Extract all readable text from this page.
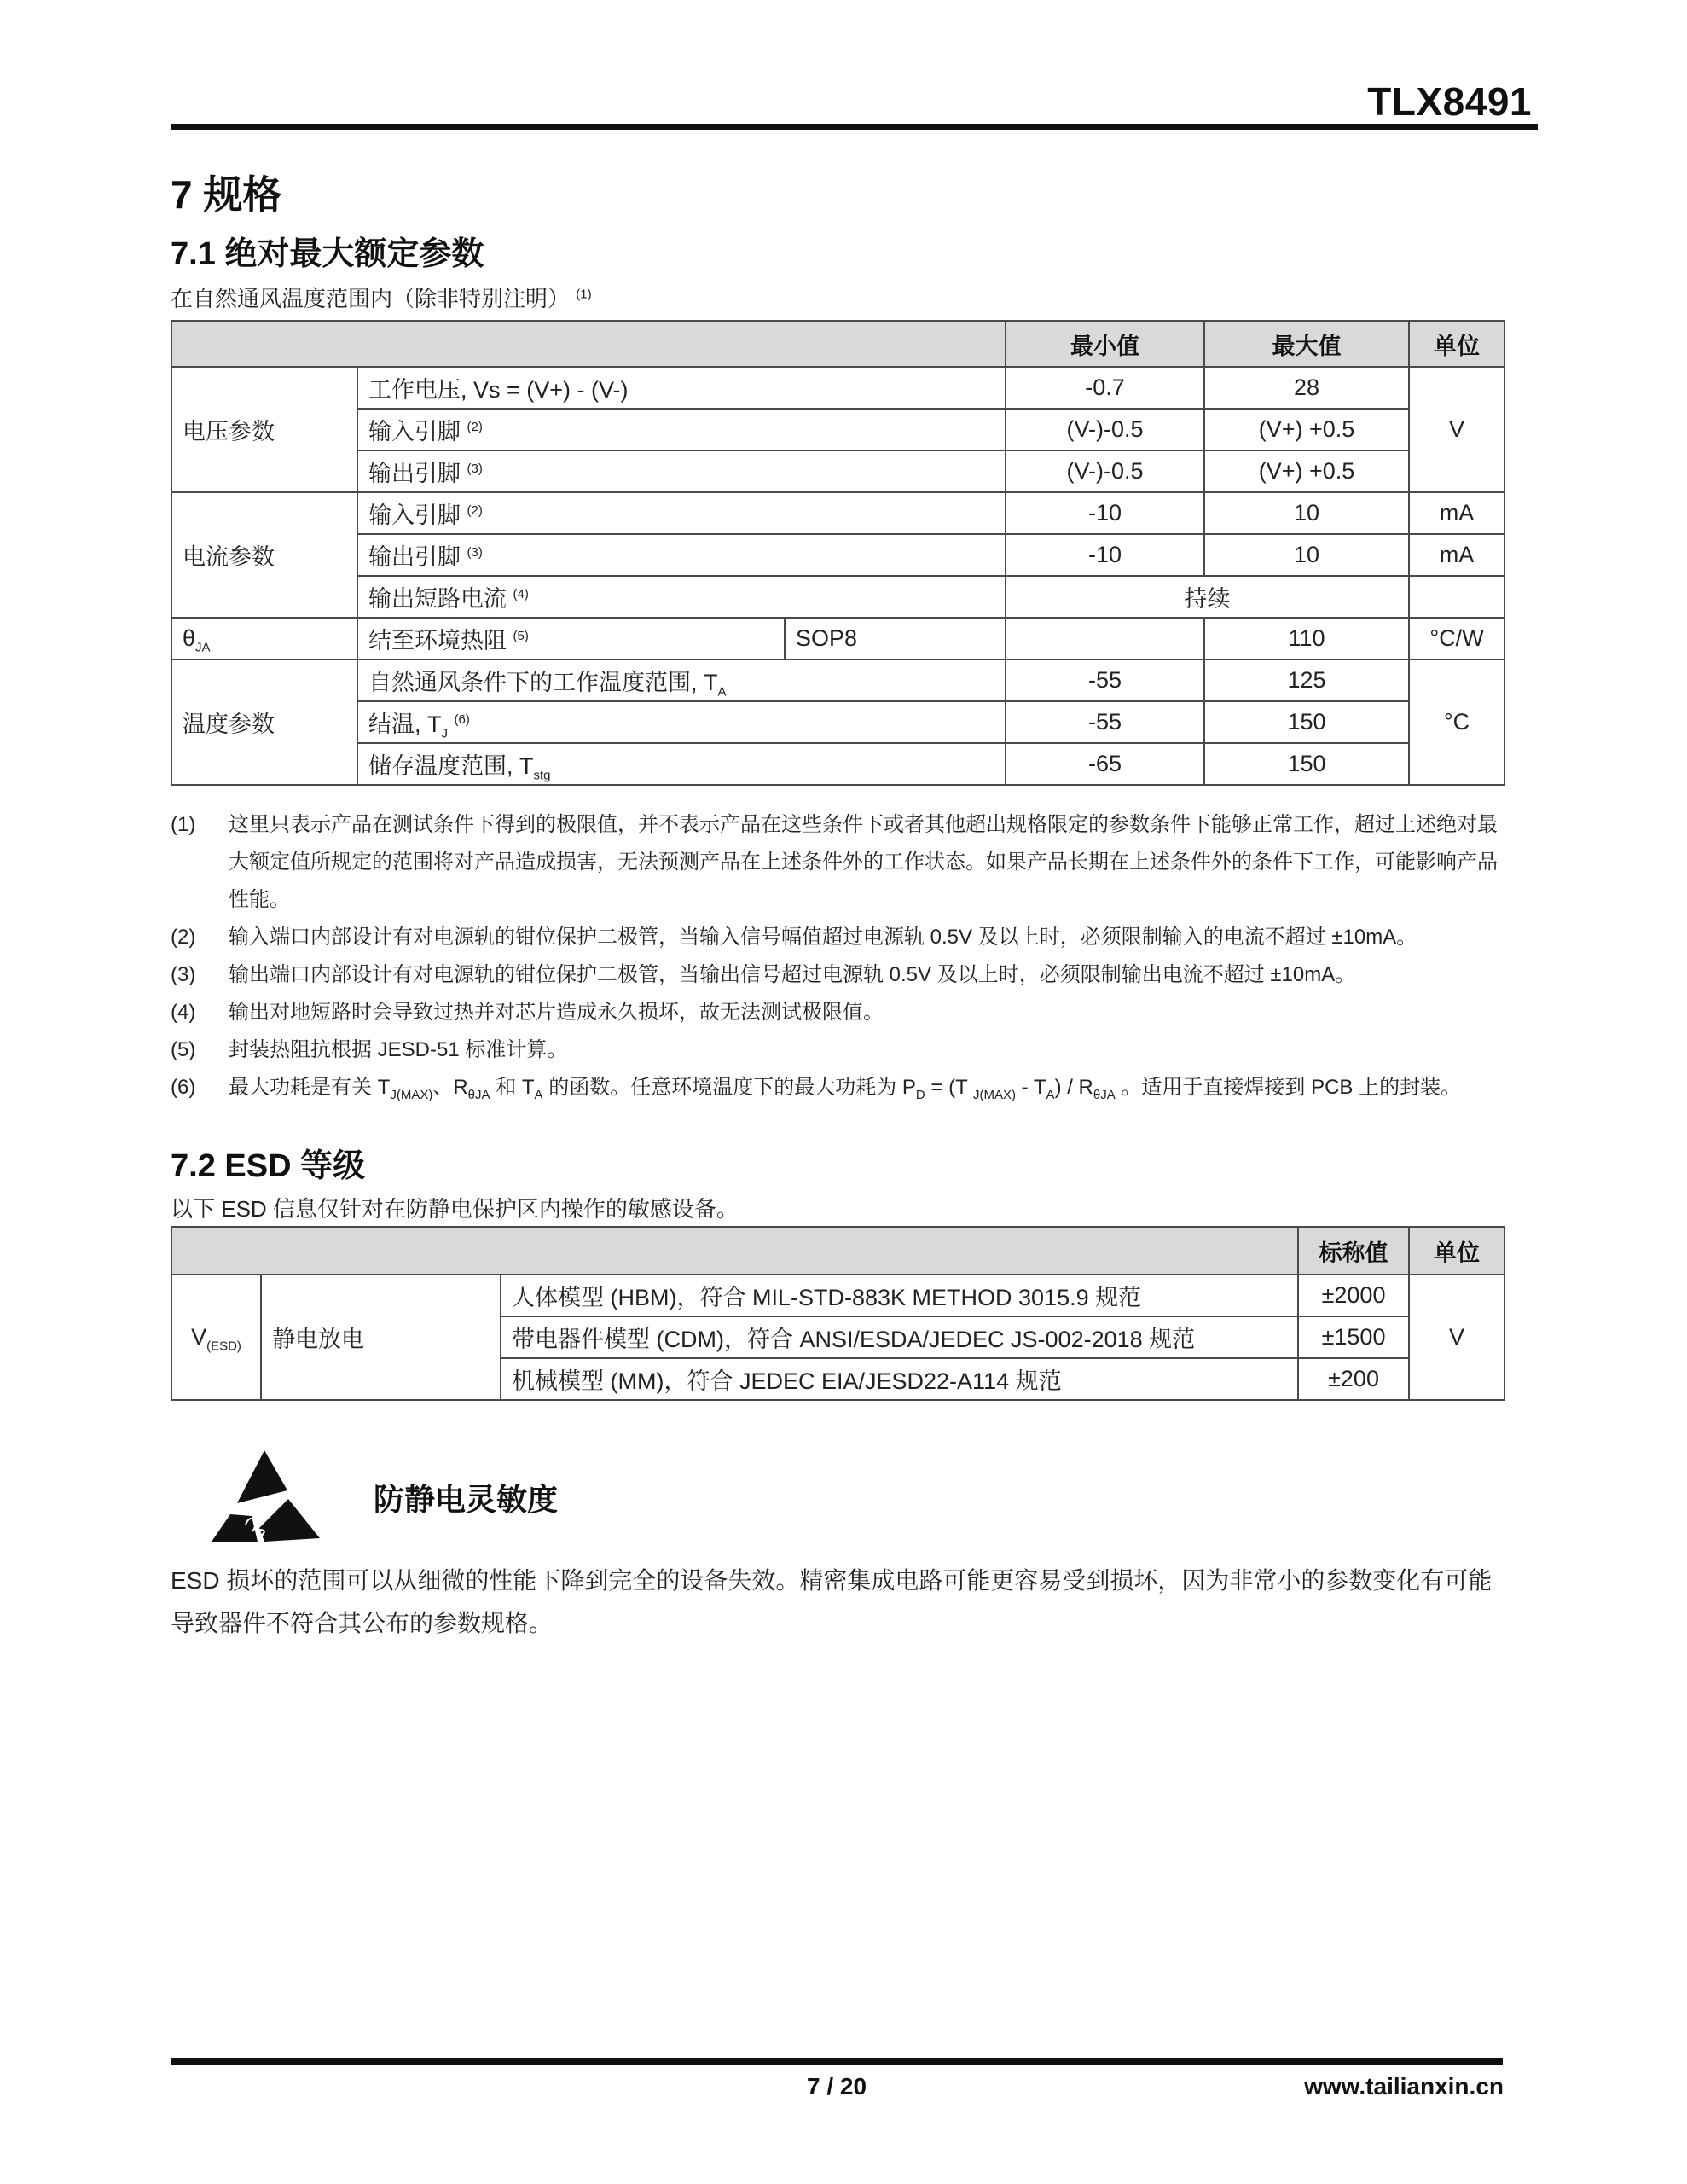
TLX8491
7 规格
7.1 绝对最大额定参数
在自然通风温度范围内（除非特别注明） $^{(1)}$
			最小值	最大值	单位
电压参数	工作电压, Vs = (V+) - (V-)		-0.7	28	V
	输入引脚 $^{(2)}$		(V-)-0.5	(V+) +0.5	
	输出引脚 $^{(3)}$		(V-)-0.5	(V+) +0.5	
电流参数	输入引脚 $^{(2)}$		-10	10	mA
	输出引脚 $^{(3)}$		-10	10	mA
	输出短路电流 $^{(4)}$		持续		
$\theta_{JA}$	结至环境热阻 $^{(5)}$	SOP8		110	°C/W
温度参数	自然通风条件下的工作温度范围, $T_A$		-55	125	°C
	结温, $T_J$ $^{(6)}$		-55	150	
	储存温度范围, $T_{stg}$		-65	150	
(1) 这里只表示产品在测试条件下得到的极限值，并不表示产品在这些条件下或者其他超出规格限定的参数条件下能够正常工作，超过上述绝对最大额定值所规定的范围将对产品造成损害，无法预测产品在上述条件外的工作状态。如果产品长期在上述条件外的条件下工作，可能影响产品性能。
(2) 输入端口内部设计有对电源轨的钳位保护二极管，当输入信号幅值超过电源轨 0.5V 及以上时，必须限制输入的电流不超过 ±10mA。
(3) 输出端口内部设计有对电源轨的钳位保护二极管，当输出信号超过电源轨 0.5V 及以上时，必须限制输出电流不超过 ±10mA。
(4) 输出对地短路时会导致过热并对芯片造成永久损坏，故无法测试极限值。
(5) 封装热阻抗根据 JESD-51 标准计算。
(6) 最大功耗是有关 $T_{J(MAX)}$、$R_{\theta JA}$ 和 $T_A$ 的函数。任意环境温度下的最大功耗为 $P_D = (T$ $_{J(MAX)} - T_A) / R_{\theta JA}$ 。适用于直接焊接到 PCB 上的封装。
7.2 ESD 等级
以下 ESD 信息仅针对在防静电保护区内操作的敏感设备。
			标称值	单位
$V_{(ESD)}$	静电放电	人体模型 (HBM)，符合 MIL-STD-883K METHOD 3015.9 规范	±2000	V
		带电器件模型 (CDM)，符合 ANSI/ESDA/JEDEC JS-002-2018 规范	±1500	
		机械模型 (MM)，符合 JEDEC EIA/JESD22-A114 规范	±200	
防静电灵敏度
ESD 损坏的范围可以从细微的性能下降到完全的设备失效。精密集成电路可能更容易受到损坏，因为非常小的参数变化有可能导致器件不符合其公布的参数规格。
7 / 20	www.tailianxin.cn
